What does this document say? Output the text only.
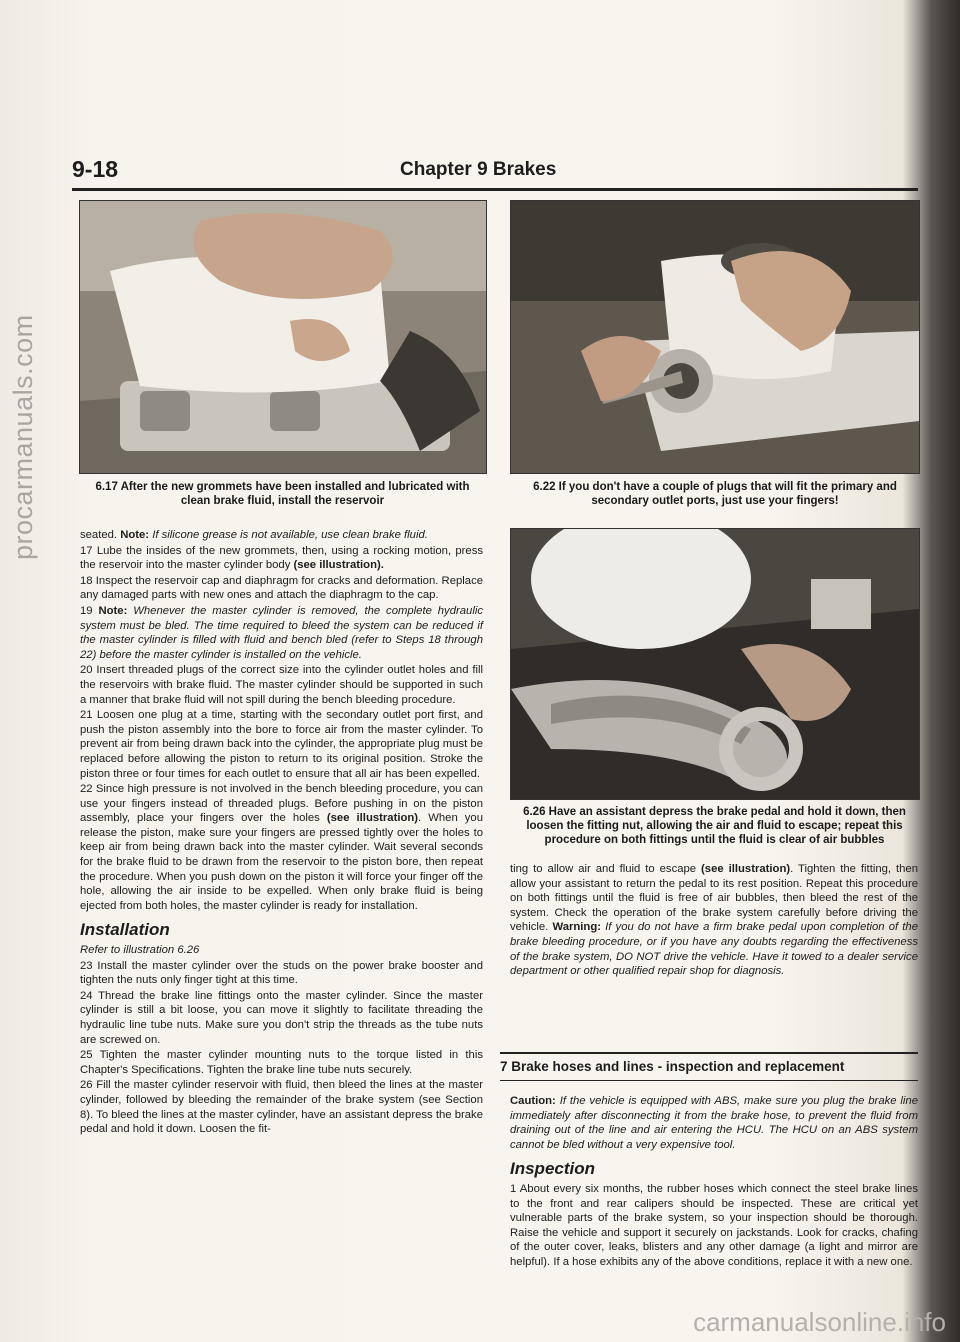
procarmanuals.com
carmanualsonline.info
9-18	Chapter 9 Brakes
6.17 After the new grommets have been installed and lubricated with clean brake fluid, install the reservoir
6.22 If you don't have a couple of plugs that will fit the primary and secondary outlet ports, just use your fingers!
6.26 Have an assistant depress the brake pedal and hold it down, then loosen the fitting nut, allowing the air and fluid to escape; repeat this procedure on both fittings until the fluid is clear of air bubbles

seated. Note: If silicone grease is not available, use clean brake fluid.

17 Lube the insides of the new grommets, then, using a rocking motion, press the reservoir into the master cylinder body (see illustration).

18 Inspect the reservoir cap and diaphragm for cracks and deformation. Replace any damaged parts with new ones and attach the diaphragm to the cap.

19 Note: Whenever the master cylinder is removed, the complete hydraulic system must be bled. The time required to bleed the system can be reduced if the master cylinder is filled with fluid and bench bled (refer to Steps 18 through 22) before the master cylinder is installed on the vehicle.

20 Insert threaded plugs of the correct size into the cylinder outlet holes and fill the reservoirs with brake fluid. The master cylinder should be supported in such a manner that brake fluid will not spill during the bench bleeding procedure.

21 Loosen one plug at a time, starting with the secondary outlet port first, and push the piston assembly into the bore to force air from the master cylinder. To prevent air from being drawn back into the cylinder, the appropriate plug must be replaced before allowing the piston to return to its original position. Stroke the piston three or four times for each outlet to ensure that all air has been expelled.

22 Since high pressure is not involved in the bench bleeding procedure, you can use your fingers instead of threaded plugs. Before pushing in on the piston assembly, place your fingers over the holes (see illustration). When you release the piston, make sure your fingers are pressed tightly over the holes to keep air from being drawn back into the master cylinder. Wait several seconds for the brake fluid to be drawn from the reservoir to the piston bore, then repeat the procedure. When you push down on the piston it will force your finger off the hole, allowing the air inside to be expelled. When only brake fluid is being ejected from both holes, the master cylinder is ready for installation.

Installation

Refer to illustration 6.26

23 Install the master cylinder over the studs on the power brake booster and tighten the nuts only finger tight at this time.

24 Thread the brake line fittings onto the master cylinder. Since the master cylinder is still a bit loose, you can move it slightly to facilitate threading the hydraulic line tube nuts. Make sure you don't strip the threads as the tube nuts are screwed on.

25 Tighten the master cylinder mounting nuts to the torque listed in this Chapter's Specifications. Tighten the brake line tube nuts securely.

26 Fill the master cylinder reservoir with fluid, then bleed the lines at the master cylinder, followed by bleeding the remainder of the brake system (see Section 8). To bleed the lines at the master cylinder, have an assistant depress the brake pedal and hold it down. Loosen the fit-

ting to allow air and fluid to escape (see illustration). Tighten the fitting, then allow your assistant to return the pedal to its rest position. Repeat this procedure on both fittings until the fluid is free of air bubbles, then bleed the rest of the system. Check the operation of the brake system carefully before driving the vehicle. Warning: If you do not have a firm brake pedal upon completion of the brake bleeding procedure, or if you have any doubts regarding the effectiveness of the brake system, DO NOT drive the vehicle. Have it towed to a dealer service department or other qualified repair shop for diagnosis.

7 Brake hoses and lines - inspection and replacement

Caution: If the vehicle is equipped with ABS, make sure you plug the brake line immediately after disconnecting it from the brake hose, to prevent the fluid from draining out of the line and air entering the HCU. The HCU on an ABS system cannot be bled without a very expensive tool.

Inspection

1 About every six months, the rubber hoses which connect the steel brake lines to the front and rear calipers should be inspected. These are critical yet vulnerable parts of the brake system, so your inspection should be thorough. Raise the vehicle and support it securely on jackstands. Look for cracks, chafing of the outer cover, leaks, blisters and any other damage (a light and mirror are helpful). If a hose exhibits any of the above conditions, replace it with a new one.
